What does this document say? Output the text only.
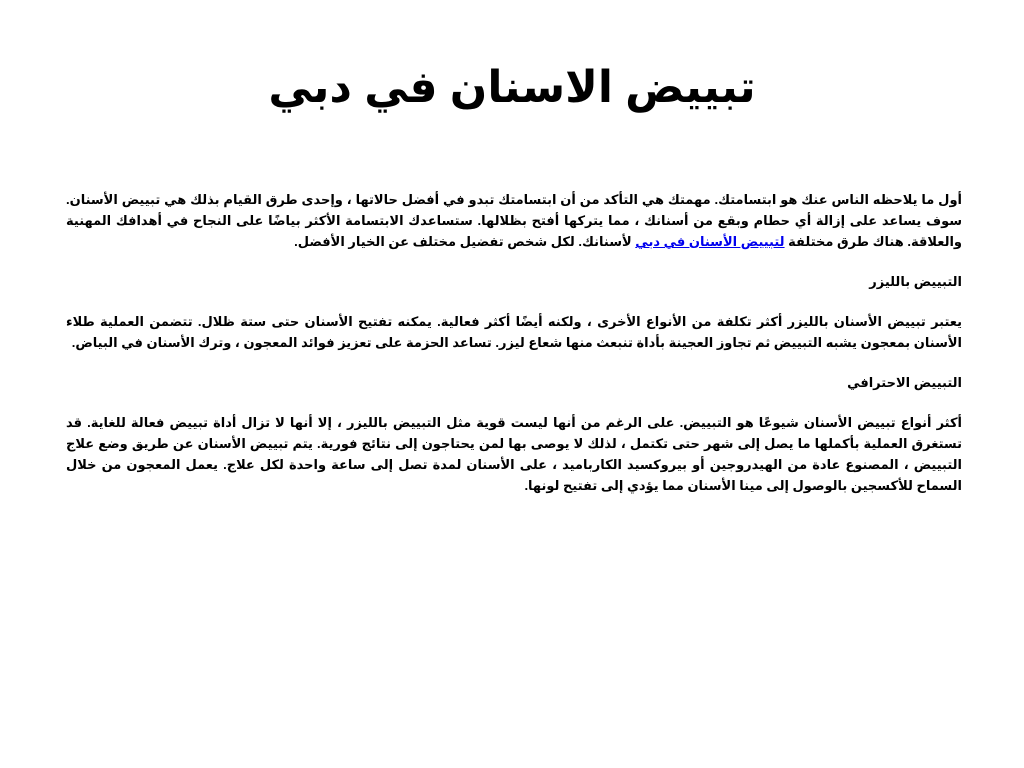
تبييض الاسنان في دبي

أول ما يلاحظه الناس عنك هو ابتسامتك. مهمتك هي التأكد من أن ابتسامتك تبدو في أفضل حالاتها ، وإحدى طرق القيام بذلك هي تبييض الأسنان. سوف يساعد على إزالة أي حطام وبقع من أسنانك ، مما يتركها أفتح بظلالها. ستساعدك الابتسامة الأكثر بياضًا على النجاح في أهدافك المهنية والعلاقة. هناك طرق مختلفة لتبييض الأسنان في دبي لأسنانك. لكل شخص تفضيل مختلف عن الخيار الأفضل.

التبييض بالليزر

يعتبر تبييض الأسنان بالليزر أكثر تكلفة من الأنواع الأخرى ، ولكنه أيضًا أكثر فعالية. يمكنه تفتيح الأسنان حتى ستة ظلال. تتضمن العملية طلاء الأسنان بمعجون يشبه التبييض ثم تجاوز العجينة بأداة تنبعث منها شعاع ليزر. تساعد الحزمة على تعزيز فوائد المعجون ، وترك الأسنان في البياض.

التبييض الاحترافي

أكثر أنواع تبييض الأسنان شيوعًا هو التبييض. على الرغم من أنها ليست قوية مثل التبييض بالليزر ، إلا أنها لا تزال أداة تبييض فعالة للغاية. قد تستغرق العملية بأكملها ما يصل إلى شهر حتى تكتمل ، لذلك لا يوصى بها لمن يحتاجون إلى نتائج فورية. يتم تبييض الأسنان عن طريق وضع علاج التبييض ، المصنوع عادة من الهيدروجين أو بيروكسيد الكارباميد ، على الأسنان لمدة تصل إلى ساعة واحدة لكل علاج. يعمل المعجون من خلال السماح للأكسجين بالوصول إلى مينا الأسنان مما يؤدي إلى تفتيح لونها.
